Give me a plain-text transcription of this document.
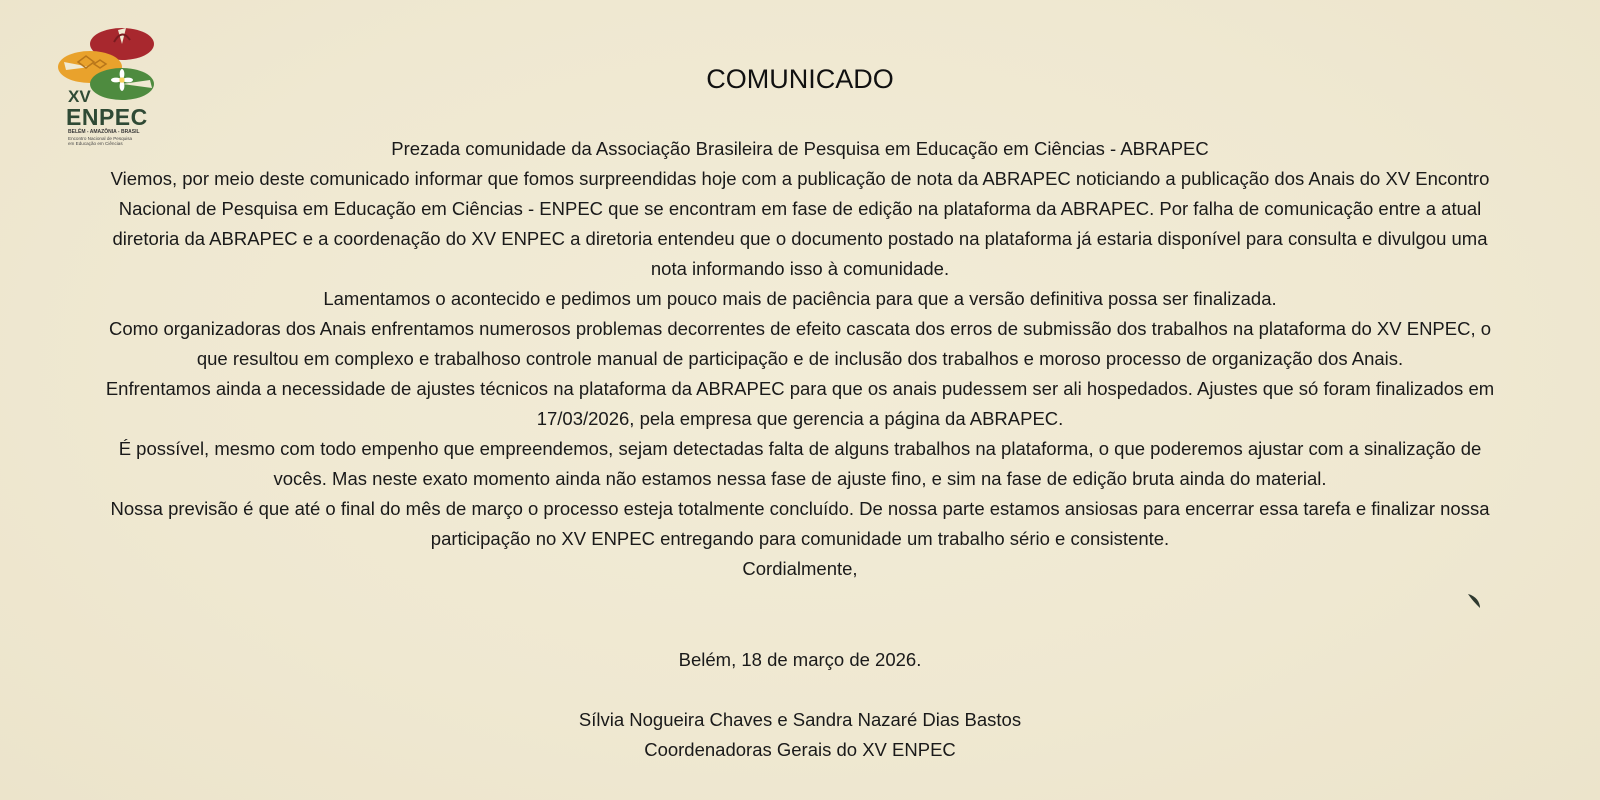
XV
ENPEC
BELÉM - AMAZÔNIA - BRASIL
Encontro Nacional de Pesquisa
em Educação em Ciências
COMUNICADO

Prezada comunidade da Associação Brasileira de Pesquisa em Educação em Ciências - ABRAPEC

Viemos, por meio deste comunicado informar que fomos surpreendidas hoje com a publicação de nota da ABRAPEC noticiando a publicação dos Anais do XV Encontro Nacional de Pesquisa em Educação em Ciências - ENPEC que se encontram em fase de edição na plataforma da ABRAPEC. Por falha de comunicação entre a atual diretoria da ABRAPEC e a coordenação do XV ENPEC a diretoria entendeu que o documento postado na plataforma já estaria disponível para consulta e divulgou uma nota informando isso à comunidade.

Lamentamos o acontecido e pedimos um pouco mais de paciência para que a versão definitiva possa ser finalizada.

Como organizadoras dos Anais enfrentamos numerosos problemas decorrentes de efeito cascata dos erros de submissão dos trabalhos na plataforma do XV ENPEC, o que resultou em complexo e trabalhoso controle manual de participação e de inclusão dos trabalhos e moroso processo de organização dos Anais.

Enfrentamos ainda a necessidade de ajustes técnicos na plataforma da ABRAPEC para que os anais pudessem ser ali hospedados. Ajustes que só foram finalizados em 17/03/2026, pela empresa que gerencia a página da ABRAPEC.

É possível, mesmo com todo empenho que empreendemos, sejam detectadas falta de alguns trabalhos na plataforma, o que poderemos ajustar com a sinalização de vocês. Mas neste exato momento ainda não estamos nessa fase de ajuste fino, e sim na fase de edição bruta ainda do material.

Nossa previsão é que até o final do mês de março o processo esteja totalmente concluído. De nossa parte estamos ansiosas para encerrar essa tarefa e finalizar nossa participação no XV ENPEC entregando para comunidade um trabalho sério e consistente.

Cordialmente,

Belém, 18 de março de 2026.
Sílvia Nogueira Chaves e Sandra Nazaré Dias Bastos
Coordenadoras Gerais do XV ENPEC
